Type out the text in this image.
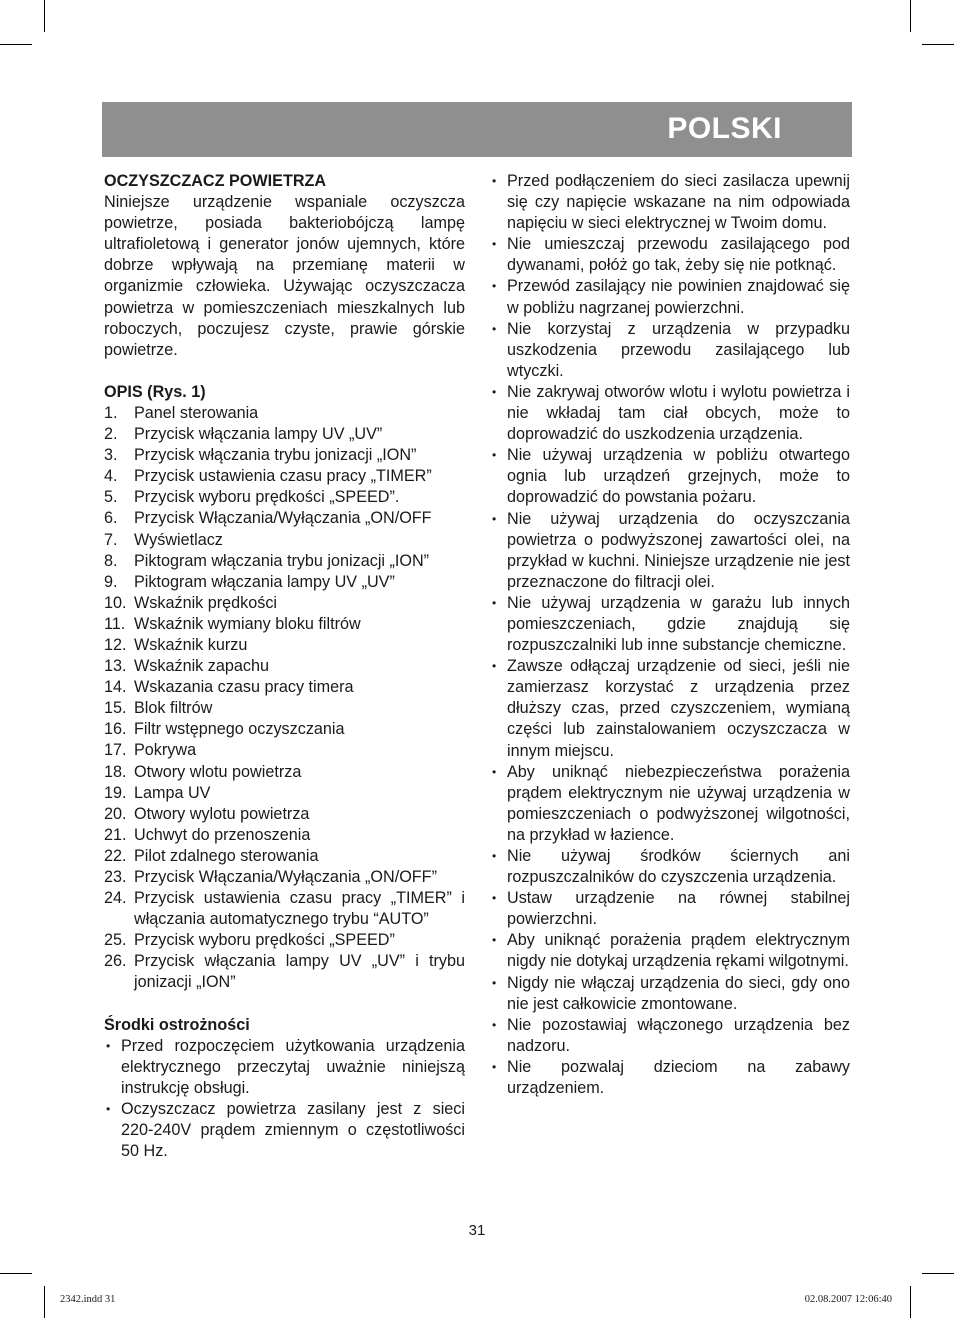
POLSKI

OCZYSZCZACZ POWIETRZA

Niniejsze urządzenie wspaniale oczyszcza powietrze, posiada bakteriobójczą lampę ultrafioletową i generator jonów ujemnych, które dobrze wpływają na przemianę materii w organizmie człowieka. Używając oczyszczacza powietrza w pomieszczeniach mieszkalnych lub roboczych, poczujesz czyste, prawie górskie powietrze.

OPIS (Rys. 1)

1. Panel sterowania
2. Przycisk włączania lampy UV „UV”
3. Przycisk włączania trybu jonizacji „ION”
4. Przycisk ustawienia czasu pracy „TIMER”
5. Przycisk wyboru prędkości „SPEED”.
6. Przycisk Włączania/Wyłączania „ON/OFF
7. Wyświetlacz
8. Piktogram włączania trybu jonizacji „ION”
9. Piktogram włączania lampy UV „UV”
10. Wskaźnik prędkości
11. Wskaźnik wymiany bloku filtrów
12. Wskaźnik kurzu
13. Wskaźnik zapachu
14. Wskazania czasu pracy timera
15. Blok filtrów
16. Filtr wstępnego oczyszczania
17. Pokrywa
18. Otwory wlotu powietrza
19. Lampa UV
20. Otwory wylotu powietrza
21. Uchwyt do przenoszenia
22. Pilot zdalnego sterowania
23. Przycisk Włączania/Wyłączania „ON/OFF”
24. Przycisk ustawienia czasu pracy „TIMER” i włączania automatycznego trybu “AUTO”
25. Przycisk wyboru prędkości „SPEED”
26. Przycisk włączania lampy UV „UV” i trybu jonizacji „ION”

Środki ostrożności

• Przed rozpoczęciem użytkowania urządzenia elektrycznego przeczytaj uważnie niniejszą instrukcję obsługi.
• Oczyszczacz powietrza zasilany jest z sieci 220-240V prądem zmiennym o częstotliwości 50 Hz.
• Przed podłączeniem do sieci zasilacza upewnij się czy napięcie wskazane na nim odpowiada napięciu w sieci elektrycznej w Twoim domu.
• Nie umieszczaj przewodu zasilającego pod dywanami, połóż go tak, żeby się nie potknąć.
• Przewód zasilający nie powinien znajdować się w pobliżu nagrzanej powierzchni.
• Nie korzystaj z urządzenia w przypadku uszkodzenia przewodu zasilającego lub wtyczki.
• Nie zakrywaj otworów wlotu i wylotu powietrza i nie wkładaj tam ciał obcych, może to doprowadzić do uszkodzenia urządzenia.
• Nie używaj urządzenia w pobliżu otwartego ognia lub urządzeń grzejnych, może to doprowadzić do powstania pożaru.
• Nie używaj urządzenia do oczyszczania powietrza o podwyższonej zawartości olei, na przykład w kuchni. Niniejsze urządzenie nie jest przeznaczone do filtracji olei.
• Nie używaj urządzenia w garażu lub innych pomieszczeniach, gdzie znajdują się rozpuszczalniki lub inne substancje chemiczne.
• Zawsze odłączaj urządzenie od sieci, jeśli nie zamierzasz korzystać z urządzenia przez dłuższy czas, przed czyszczeniem, wymianą części lub zainstalowaniem oczyszczacza w innym miejscu.
• Aby uniknąć niebezpieczeństwa porażenia prądem elektrycznym nie używaj urządzenia w pomieszczeniach o podwyższonej wilgotności, na przykład w łazience.
• Nie używaj środków ściernych ani rozpuszczalników do czyszczenia urządzenia.
• Ustaw urządzenie na równej stabilnej powierzchni.
• Aby uniknąć porażenia prądem elektrycznym nigdy nie dotykaj urządzenia rękami wilgotnymi.
• Nigdy nie włączaj urządzenia do sieci, gdy ono nie jest całkowicie zmontowane.
• Nie pozostawiaj włączonego urządzenia bez nadzoru.
• Nie pozwalaj dzieciom na zabawy urządzeniem.
31
2342.indd 31	02.08.2007 12:06:40
